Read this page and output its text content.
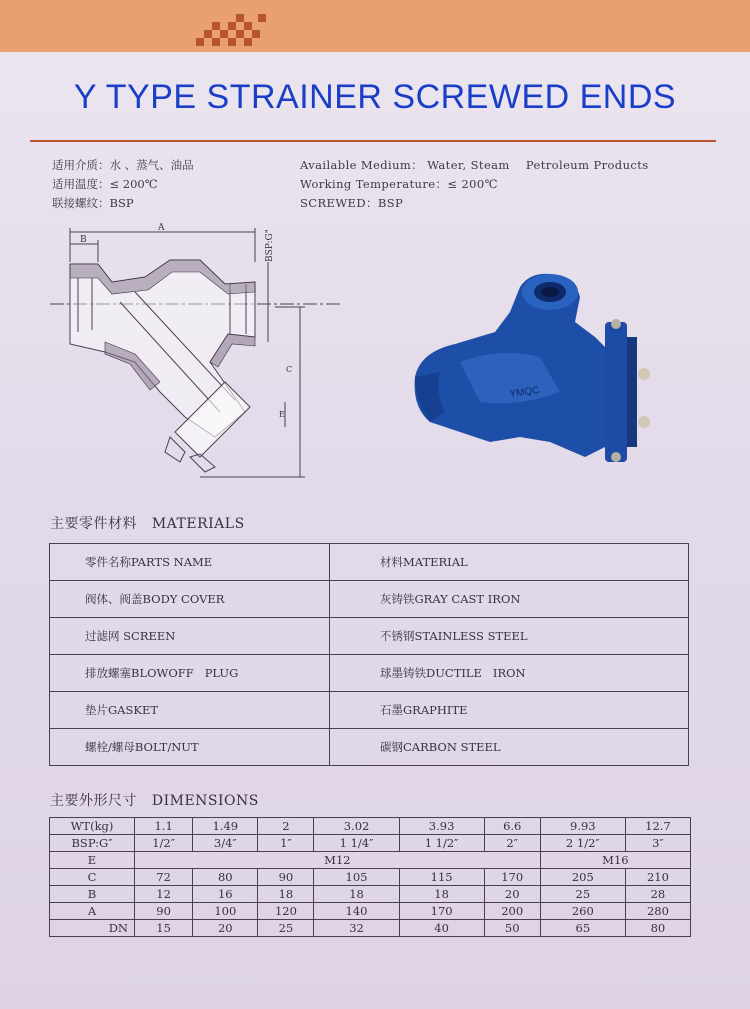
Y TYPE STRAINER SCREWED ENDS
适用介质：水 、蒸气、油品
适用温度：≤ 200℃
联接螺纹：BSP
Available Medium： Water, Steam    Petroleum Products
Working Temperature：≤ 200℃
SCREWED：BSP
A
B	BSP:G"
C
E
YMQC
主要零件材料   MATERIALS
零件名称PARTS NAME	材料MATERIAL
阀体、阀盖BODY COVER	灰铸铁GRAY CAST IRON
过滤网 SCREEN	不锈钢STAINLESS STEEL
排放螺塞BLOWOFF   PLUG	球墨铸铁DUCTILE   IRON
垫片GASKET	石墨GRAPHITE
螺栓/螺母BOLT/NUT	碳钢CARBON STEEL
主要外形尺寸   DIMENSIONS
WT(kg)	1.1	1.49	2	3.02	3.93	6.6	9.93	12.7
BSP:G″	1/2″	3/4″	1″	1 1/4″	1 1/2″	2″	2 1/2″	3″
E	M12						M16	
C	72	80	90	105	115	170	205	210
B	12	16	18	18	18	20	25	28
A	90	100	120	140	170	200	260	280
DN	15	20	25	32	40	50	65	80
